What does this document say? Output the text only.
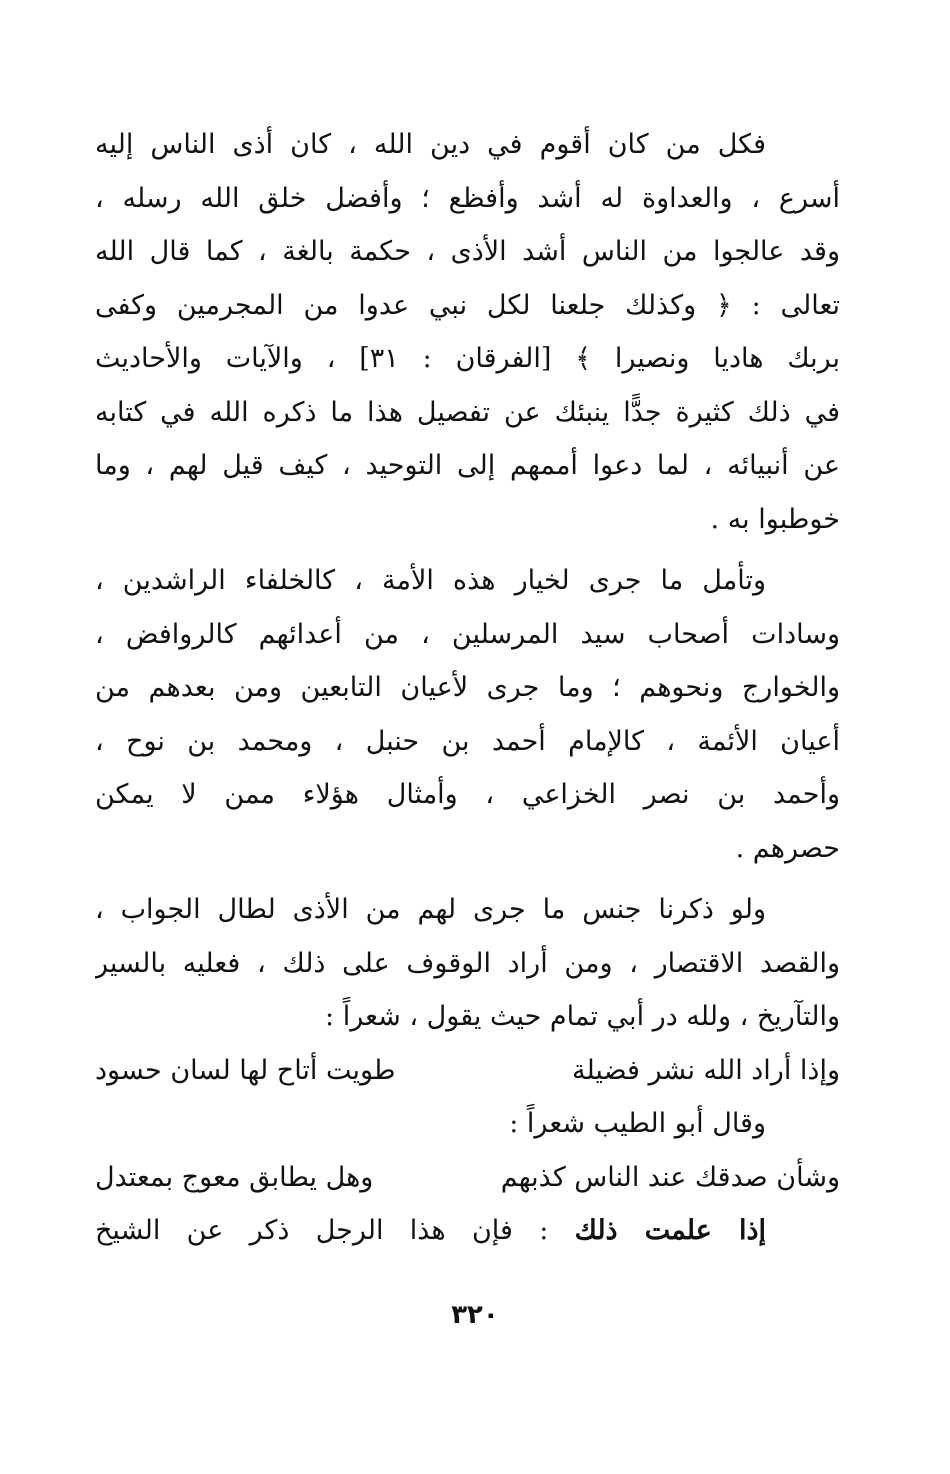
فكل من كان أقوم في دين الله ، كان أذى الناس إليه
أسرع ، والعداوة له أشد وأفظع ؛ وأفضل خلق الله رسله ،
وقد عالجوا من الناس أشد الأذى ، حكمة بالغة ، كما قال الله
تعالى : ﴿ وكذلك جلعنا لكل نبي عدوا من المجرمين وكفى
بربك هاديا ونصيرا ﴾ [الفرقان : ٣١] ، والآيات والأحاديث
في ذلك كثيرة جدًّا ينبئك عن تفصيل هذا ما ذكره الله في كتابه
عن أنبيائه ، لما دعوا أممهم إلى التوحيد ، كيف قيل لهم ، وما
خوطبوا به .
وتأمل ما جرى لخيار هذه الأمة ، كالخلفاء الراشدين ،
وسادات أصحاب سيد المرسلين ، من أعدائهم كالروافض ،
والخوارج ونحوهم ؛ وما جرى لأعيان التابعين ومن بعدهم من
أعيان الأئمة ، كالإمام أحمد بن حنبل ، ومحمد بن نوح ،
وأحمد بن نصر الخزاعي ، وأمثال هؤلاء ممن لا يمكن
حصرهم .
ولو ذكرنا جنس ما جرى لهم من الأذى لطال الجواب ،
والقصد الاقتصار ، ومن أراد الوقوف على ذلك ، فعليه بالسير
والتآريخ ، ولله در أبي تمام حيث يقول ، شعراً :
وإذا أراد الله نشر فضيلة
طويت أتاح لها لسان حسود
وقال أبو الطيب شعراً :
وشأن صدقك عند الناس كذبهم
وهل يطابق معوج بمعتدل
إذا علمت ذلك : فإن هذا الرجل ذكر عن الشيخ
٣٢٠
